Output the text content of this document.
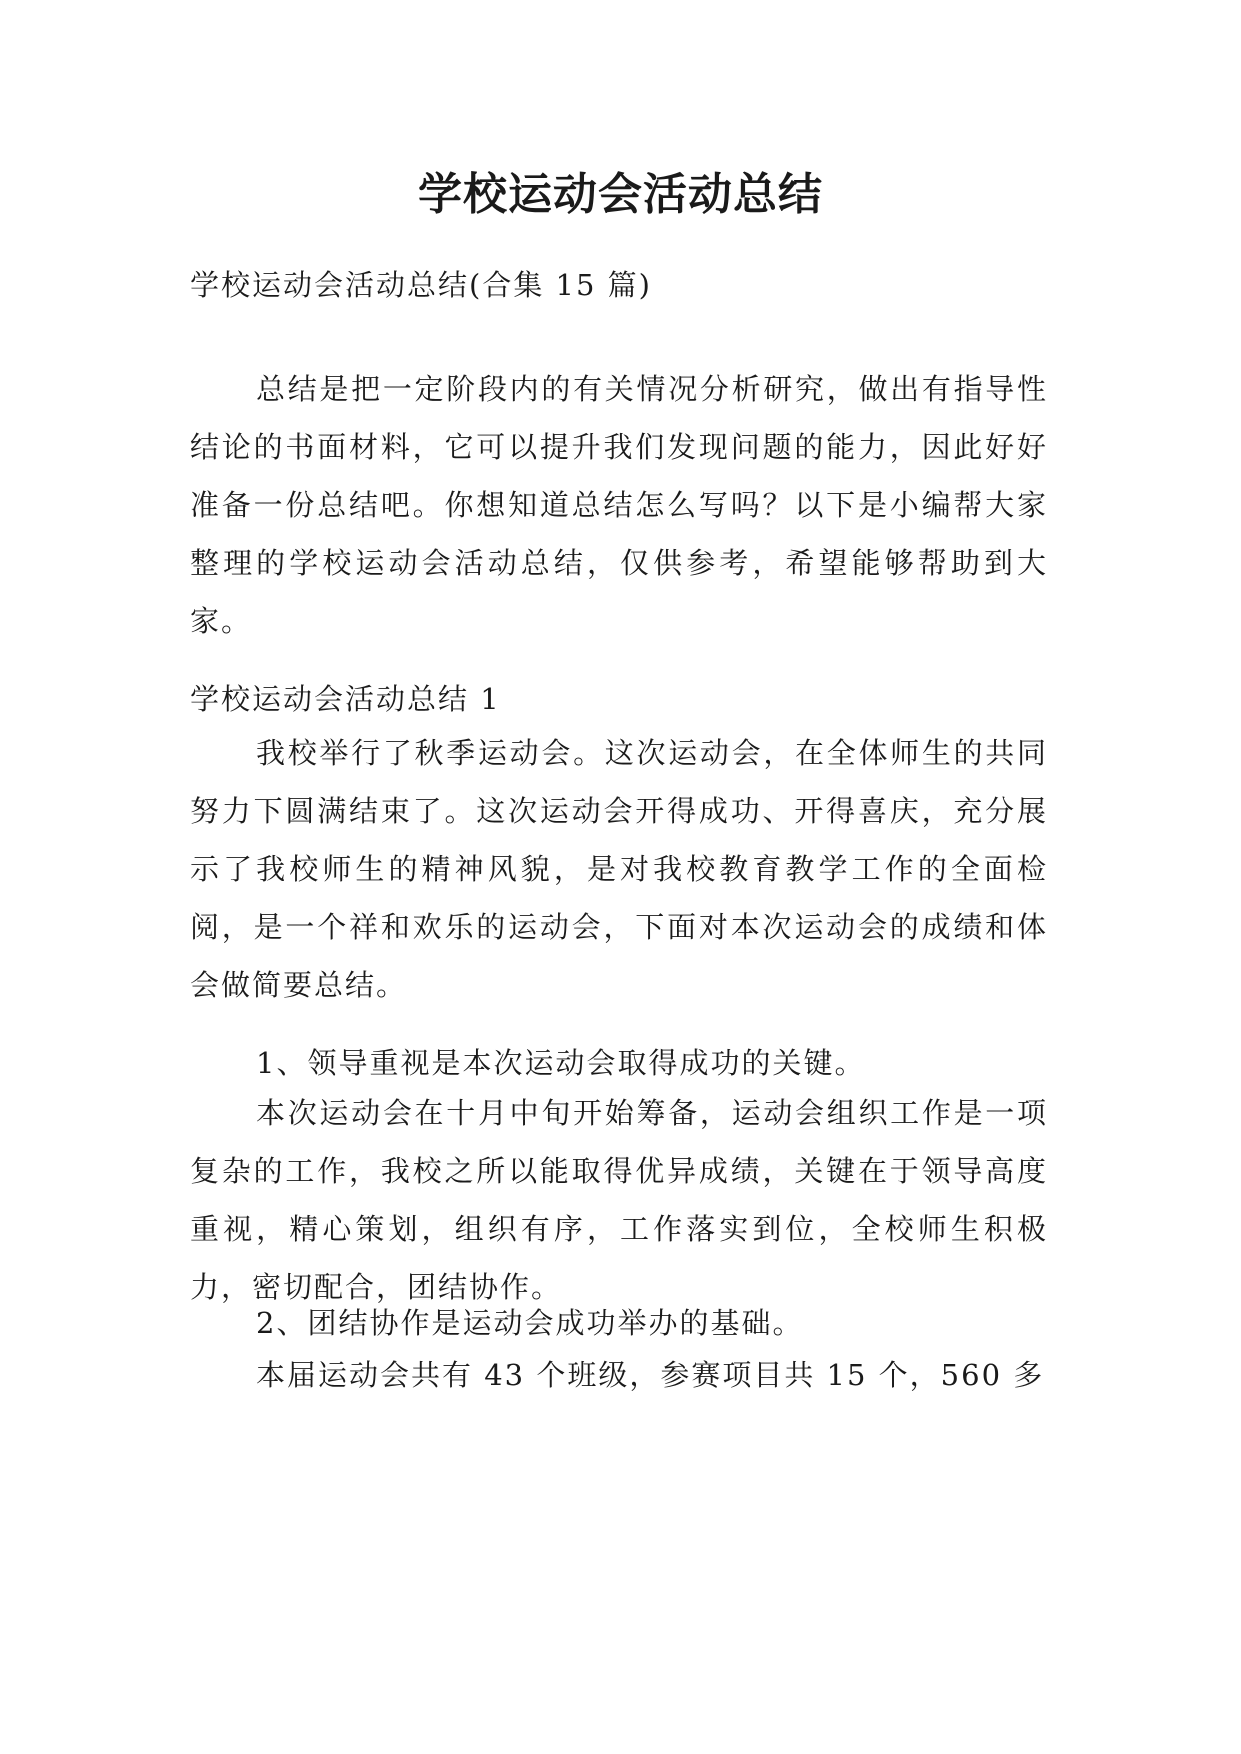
学校运动会活动总结

学校运动会活动总结(合集 15 篇)

总结是把一定阶段内的有关情况分析研究，做出有指导性结论的书面材料，它可以提升我们发现问题的能力，因此好好准备一份总结吧。你想知道总结怎么写吗？以下是小编帮大家整理的学校运动会活动总结，仅供参考，希望能够帮助到大家。

学校运动会活动总结 1

我校举行了秋季运动会。这次运动会，在全体师生的共同努力下圆满结束了。这次运动会开得成功、开得喜庆，充分展示了我校师生的精神风貌，是对我校教育教学工作的全面检阅，是一个祥和欢乐的运动会，下面对本次运动会的成绩和体会做简要总结。

1、领导重视是本次运动会取得成功的关键。

本次运动会在十月中旬开始筹备，运动会组织工作是一项复杂的工作，我校之所以能取得优异成绩，关键在于领导高度重视，精心策划，组织有序，工作落实到位，全校师生积极力，密切配合，团结协作。

2、团结协作是运动会成功举办的基础。

本届运动会共有 43 个班级，参赛项目共 15 个，560 多
